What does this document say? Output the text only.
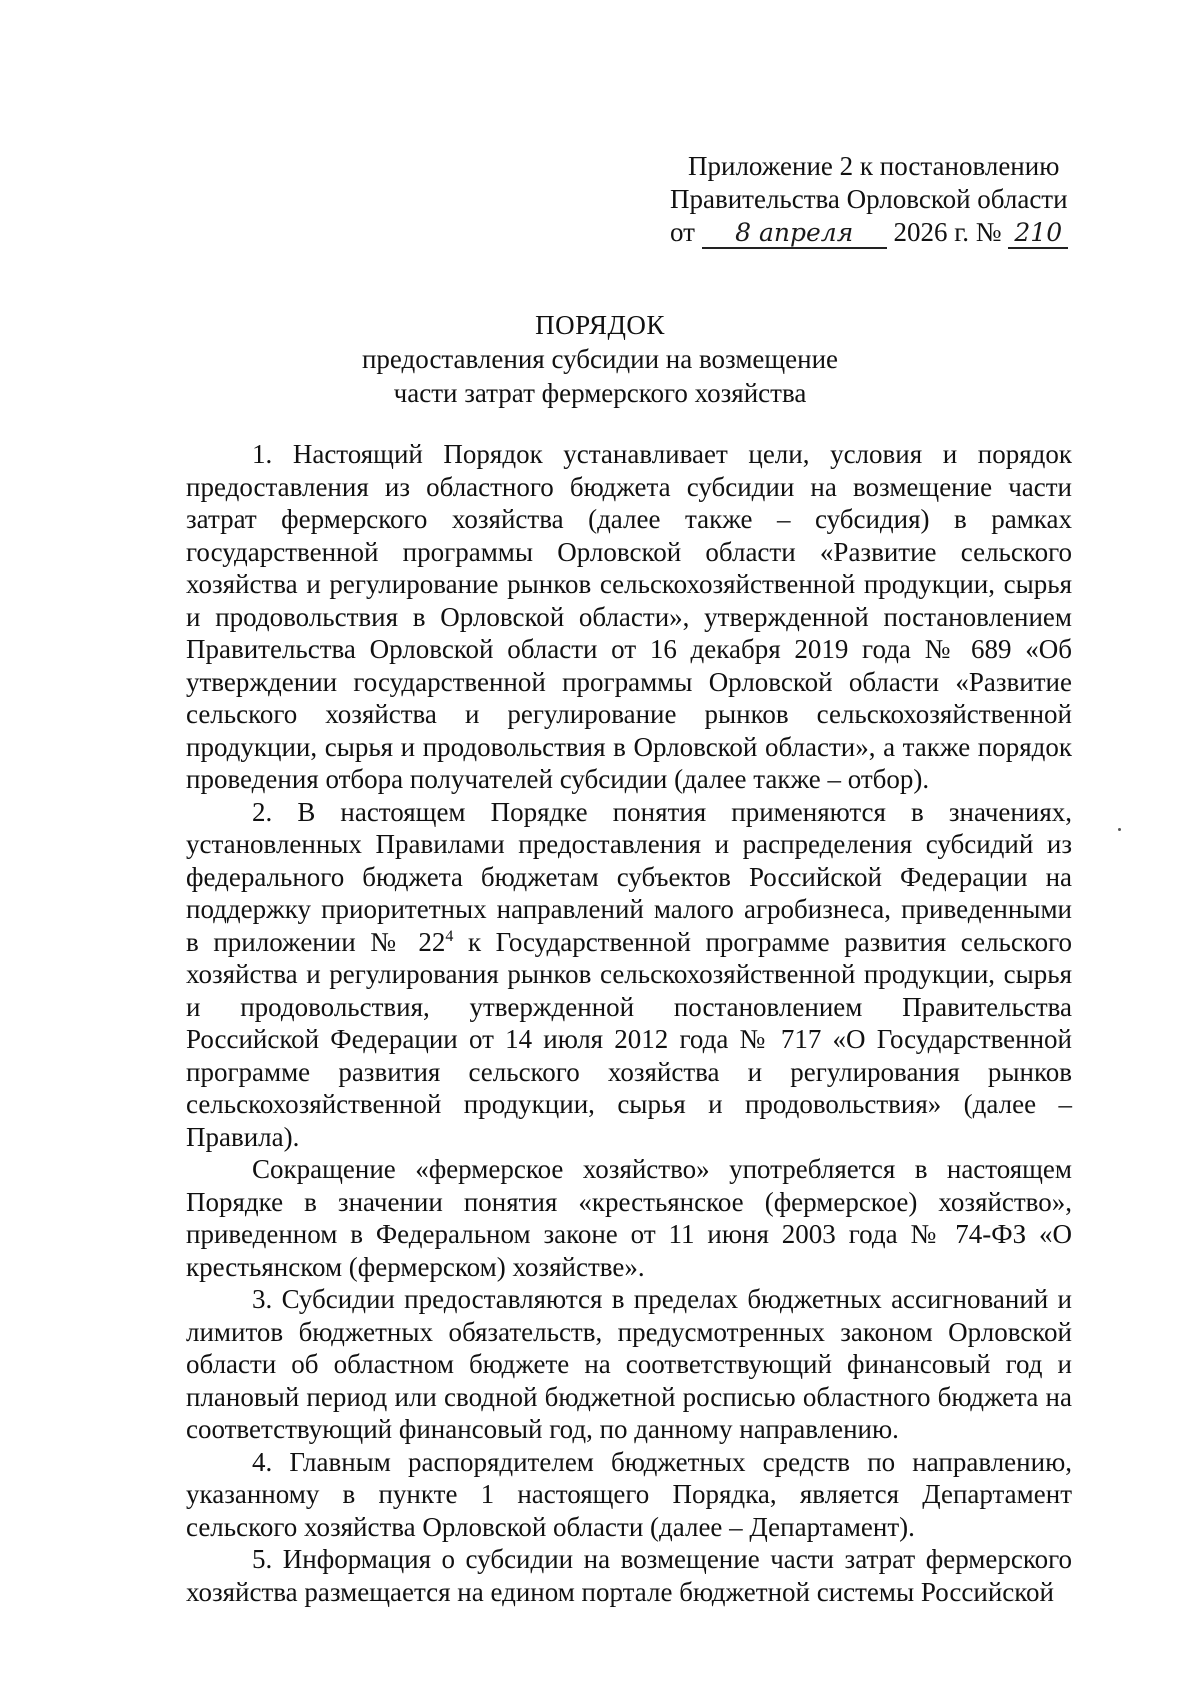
Приложение 2 к постановлению
Правительства Орловской области
от 8 апреля 2026 г. № 210
ПОРЯДОК
предоставления субсидии на возмещение
части затрат фермерского хозяйства

1. Настоящий Порядок устанавливает цели, условия и порядок предоставления из областного бюджета субсидии на возмещение части затрат фермерского хозяйства (далее также – субсидия) в рамках государственной программы Орловской области «Развитие сельского хозяйства и регулирование рынков сельскохозяйственной продукции, сырья и продовольствия в Орловской области», утвержденной постановлением Правительства Орловской области от 16 декабря 2019 года № 689 «Об утверждении государственной программы Орловской области «Развитие сельского хозяйства и регулирование рынков сельскохозяйственной продукции, сырья и продовольствия в Орловской области», а также порядок проведения отбора получателей субсидии (далее также – отбор).

2. В настоящем Порядке понятия применяются в значениях, установленных Правилами предоставления и распределения субсидий из федерального бюджета бюджетам субъектов Российской Федерации на поддержку приоритетных направлений малого агробизнеса, приведенными в приложении № $22^4$ к Государственной программе развития сельского хозяйства и регулирования рынков сельскохозяйственной продукции, сырья и продовольствия, утвержденной постановлением Правительства Российской Федерации от 14 июля 2012 года № 717 «О Государственной программе развития сельского хозяйства и регулирования рынков сельскохозяйственной продукции, сырья и продовольствия» (далее – Правила).

Сокращение «фермерское хозяйство» употребляется в настоящем Порядке в значении понятия «крестьянское (фермерское) хозяйство», приведенном в Федеральном законе от 11 июня 2003 года № 74-ФЗ «О крестьянском (фермерском) хозяйстве».

3. Субсидии предоставляются в пределах бюджетных ассигнований и лимитов бюджетных обязательств, предусмотренных законом Орловской области об областном бюджете на соответствующий финансовый год и плановый период или сводной бюджетной росписью областного бюджета на соответствующий финансовый год, по данному направлению.

4. Главным распорядителем бюджетных средств по направлению, указанному в пункте 1 настоящего Порядка, является Департамент сельского хозяйства Орловской области (далее – Департамент).

5. Информация о субсидии на возмещение части затрат фермерского хозяйства размещается на едином портале бюджетной системы Российской
